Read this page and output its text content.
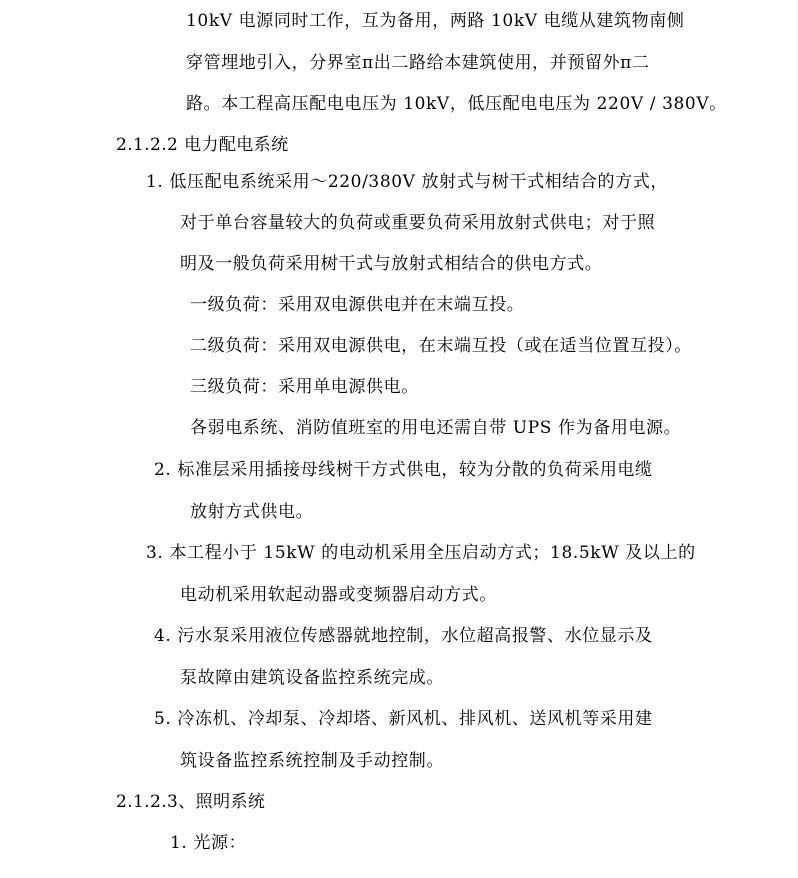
10kV 电源同时工作，互为备用，两路 10kV 电缆从建筑物南侧
穿管埋地引入，分界室π出二路给本建筑使用，并预留外π二
路。本工程高压配电电压为 10kV，低压配电电压为 220V / 380V。
2.1.2.2 电力配电系统
1. 低压配电系统采用～220/380V 放射式与树干式相结合的方式，
对于单台容量较大的负荷或重要负荷采用放射式供电；对于照
明及一般负荷采用树干式与放射式相结合的供电方式。
一级负荷：采用双电源供电并在末端互投。
二级负荷：采用双电源供电，在末端互投（或在适当位置互投）。
三级负荷：采用单电源供电。
各弱电系统、消防值班室的用电还需自带 UPS 作为备用电源。
2. 标准层采用插接母线树干方式供电，较为分散的负荷采用电缆
放射方式供电。
3. 本工程小于 15kW 的电动机采用全压启动方式；18.5kW 及以上的
电动机采用软起动器或变频器启动方式。
4. 污水泵采用液位传感器就地控制，水位超高报警、水位显示及
泵故障由建筑设备监控系统完成。
5. 冷冻机、冷却泵、冷却塔、新风机、排风机、送风机等采用建
筑设备监控系统控制及手动控制。
2.1.2.3、照明系统
1. 光源：
